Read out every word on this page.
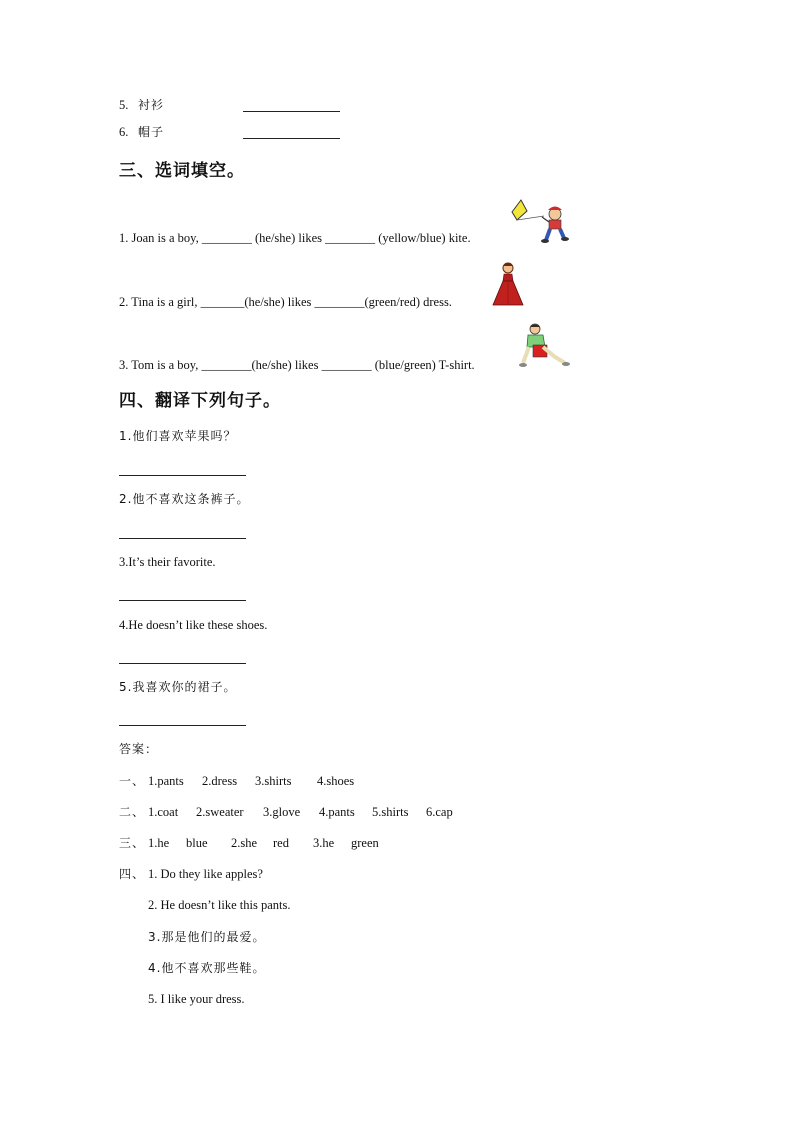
5. 衬衫
6. 帽子
三、选词填空。
1. Joan is a boy, ________ (he/she) likes ________ (yellow/blue) kite.
2. Tina is a girl, _______(he/she) likes ________(green/red) dress.
3. Tom is a boy, ________(he/she) likes ________ (blue/green) T-shirt.
四、翻译下列句子。
1.他们喜欢苹果吗？
2.他不喜欢这条裤子。
3.It’s their favorite.
4.He doesn’t like these shoes.
5.我喜欢你的裙子。
答案：
一、 1.pants 2.dress 3.shirts 4.shoes
二、 1.coat 2.sweater 3.glove 4.pants 5.shirts 6.cap
三、 1.he blue 2.she red 3.he green
四、 1. Do they like apples?
2. He doesn’t like this pants.
3.那是他们的最爱。
4.他不喜欢那些鞋。
5. I like your dress.
